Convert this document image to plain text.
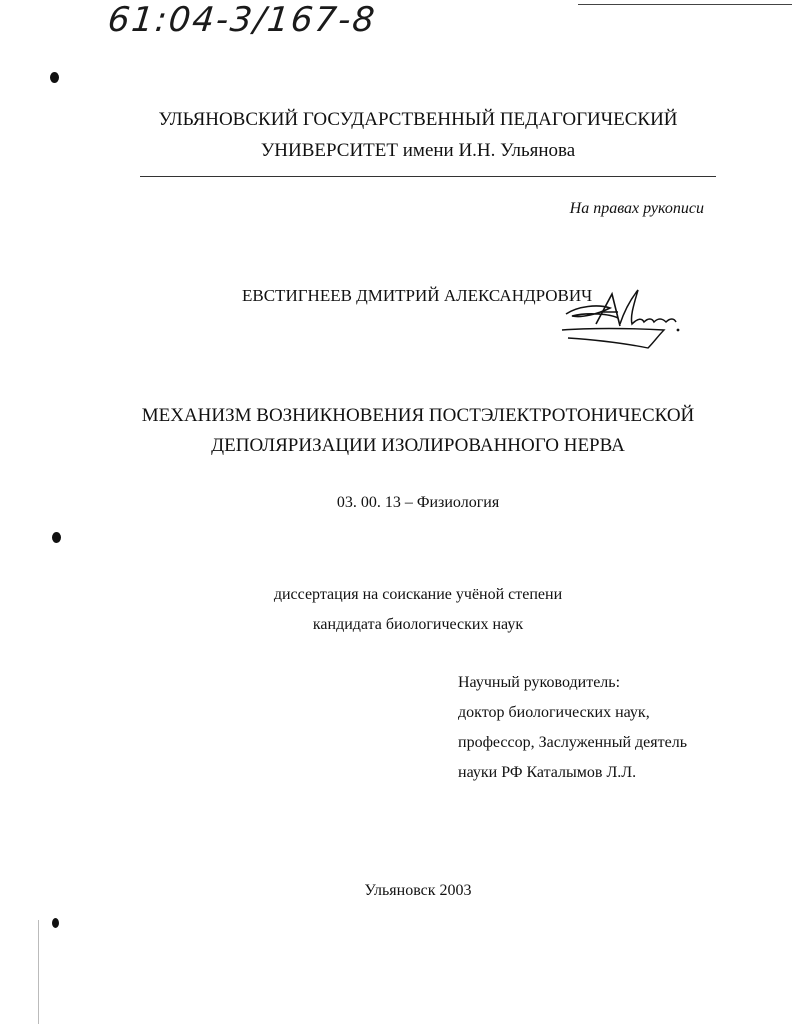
61:04-3/167-8
УЛЬЯНОВСКИЙ ГОСУДАРСТВЕННЫЙ ПЕДАГОГИЧЕСКИЙ
УНИВЕРСИТЕТ имени И.Н. Ульянова
На правах рукописи
ЕВСТИГНЕЕВ ДМИТРИЙ АЛЕКСАНДРОВИЧ
МЕХАНИЗМ ВОЗНИКНОВЕНИЯ ПОСТЭЛЕКТРОТОНИЧЕСКОЙ
ДЕПОЛЯРИЗАЦИИ ИЗОЛИРОВАННОГО НЕРВА
03. 00. 13 – Физиология
диссертация на соискание учёной степени
кандидата биологических наук
Научный руководитель:
доктор биологических наук,
профессор, Заслуженный деятель
науки РФ Каталымов Л.Л.
Ульяновск 2003
